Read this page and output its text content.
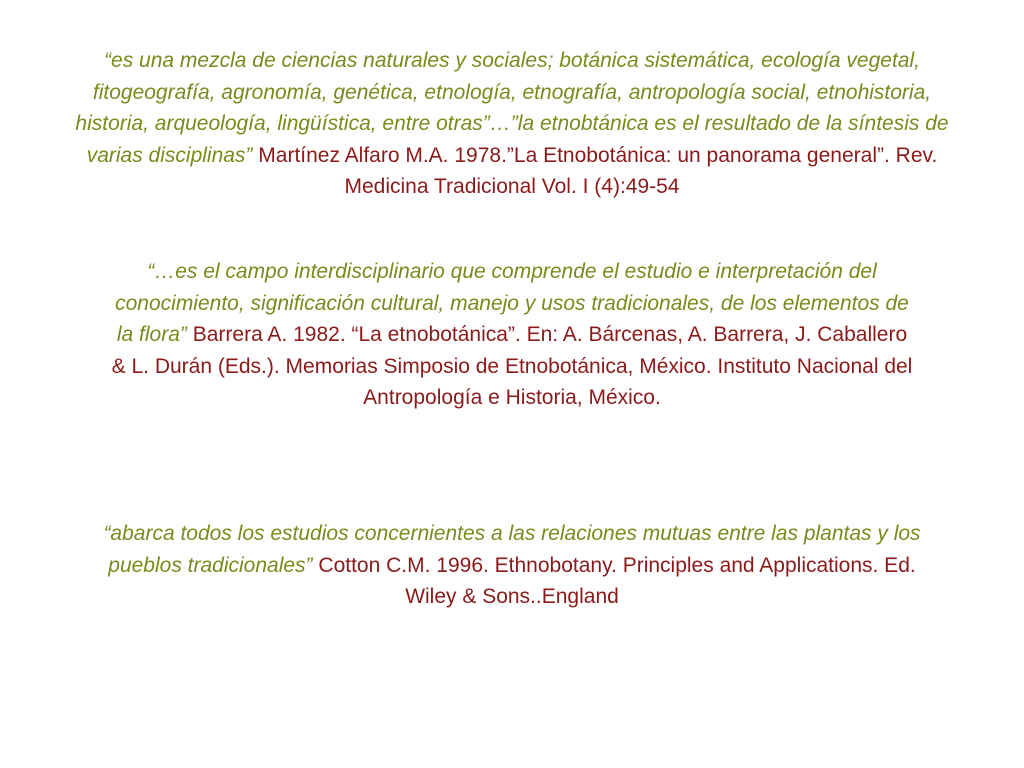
“es una mezcla de ciencias naturales y sociales; botánica sistemática, ecología vegetal, fitogeografía, agronomía, genética, etnología, etnografía, antropología social, etnohistoria, historia, arqueología, lingüística, entre otras”…”la etnobtánica es el resultado de la síntesis de varias disciplinas” Martínez Alfaro M.A. 1978.”La Etnobotánica: un panorama general”. Rev. Medicina Tradicional Vol. I (4):49-54

“…es el campo interdisciplinario que comprende el estudio e interpretación del conocimiento, significación cultural, manejo y usos tradicionales, de los elementos de la flora” Barrera A. 1982. “La etnobotánica”. En: A. Bárcenas, A. Barrera, J. Caballero & L. Durán (Eds.). Memorias Simposio de Etnobotánica, México. Instituto Nacional del Antropología e Historia, México.

“abarca todos los estudios concernientes a las relaciones mutuas entre las plantas y los pueblos tradicionales” Cotton C.M. 1996. Ethnobotany. Principles and Applications. Ed. Wiley & Sons..England
